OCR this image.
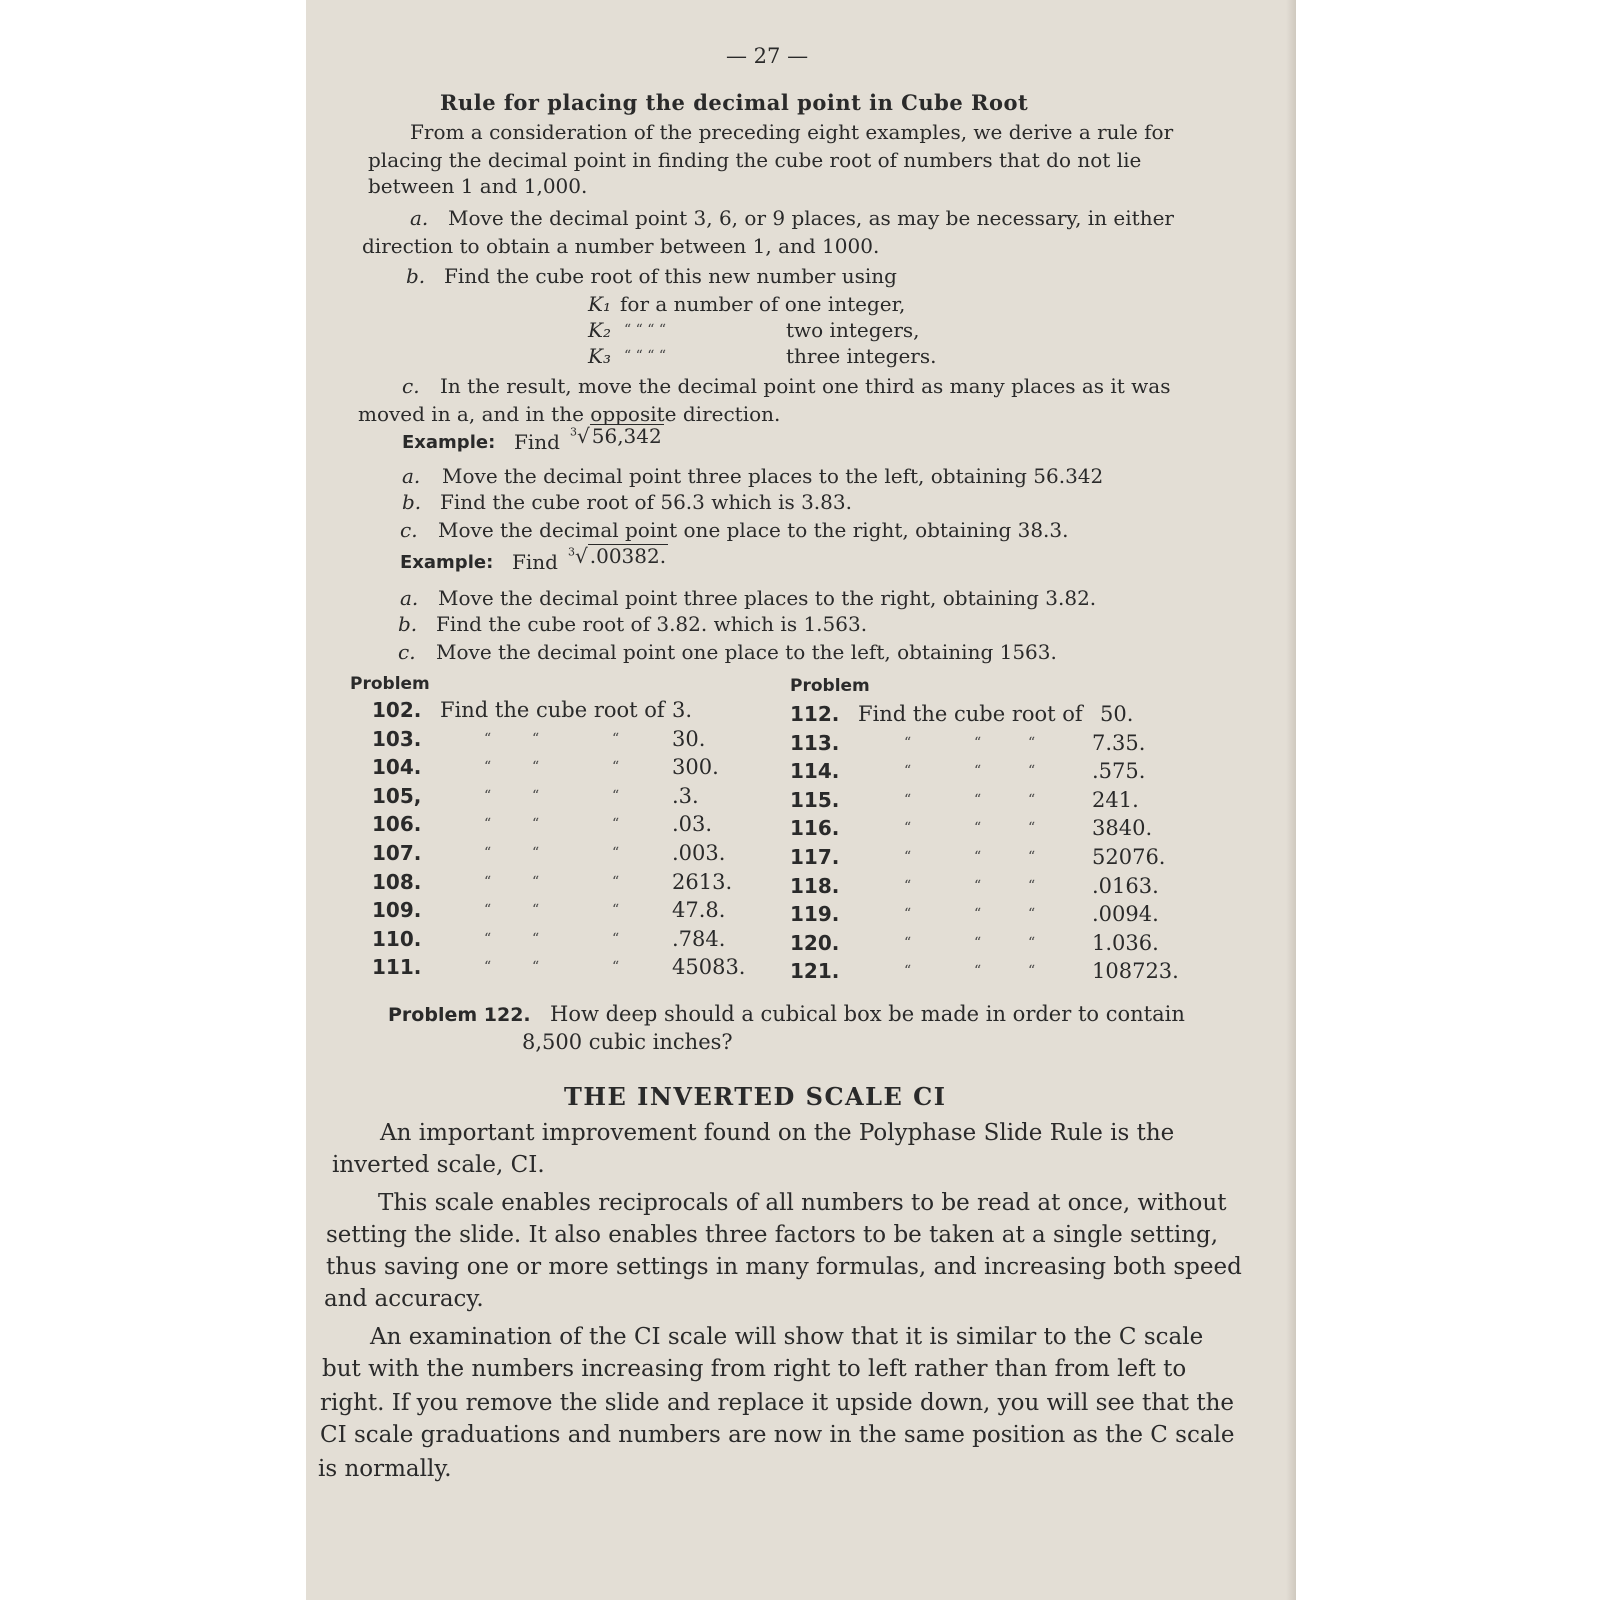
— 27 —
Rule for placing the decimal point in Cube Root
From a consideration of the preceding eight examples, we derive a rule for
placing the decimal point in finding the cube root of numbers that do not lie
between 1 and 1,000.
a. Move the decimal point 3, 6, or 9 places, as may be necessary, in either
direction to obtain a number between 1, and 1000.
b. Find the cube root of this new number using
K₁ for a number of one integer,
K₂ “ “ “ “	two integers,
K₃ “ “ “ “	three integers.
c. In the result, move the decimal point one third as many places as it was
moved in a, and in the opposite direction.
Example: Find $^3$√ 56,342
a. Move the decimal point three places to the left, obtaining 56.342
b. Find the cube root of 56.3 which is 3.83.
c. Move the decimal point one place to the right, obtaining 38.3.
Example: Find $^3$√ .00382.
a. Move the decimal point three places to the right, obtaining 3.82.
b. Find the cube root of 3.82. which is 1.563.
c. Move the decimal point one place to the left, obtaining 1563.
Problem	Problem
102. Find the cube root of 3.
103.	“	“	“	30.
104.	“	“	“	300.
105,	“	“	“	.3.
106.	“	“	“	.03.
107.	“	“	“	.003.
108.	“	“	“	2613.
109.	“	“	“	47.8.
110.	“	“	“	.784.
111.	“	“	“	45083.
112. Find the cube root of 50.
113.	“	“	“	7.35.
114.	“	“	“	.575.
115.	“	“	“	241.
116.	“	“	“	3840.
117.	“	“	“	52076.
118.	“	“	“	.0163.
119.	“	“	“	.0094.
120.	“	“	“	1.036.
121.	“	“	“	108723.
Problem 122. How deep should a cubical box be made in order to contain
8,500 cubic inches?
THE INVERTED SCALE CI
An important improvement found on the Polyphase Slide Rule is the
inverted scale, CI.
This scale enables reciprocals of all numbers to be read at once, without
setting the slide. It also enables three factors to be taken at a single setting,
thus saving one or more settings in many formulas, and increasing both speed
and accuracy.
An examination of the CI scale will show that it is similar to the C scale
but with the numbers increasing from right to left rather than from left to
right. If you remove the slide and replace it upside down, you will see that the
CI scale graduations and numbers are now in the same position as the C scale
is normally.
